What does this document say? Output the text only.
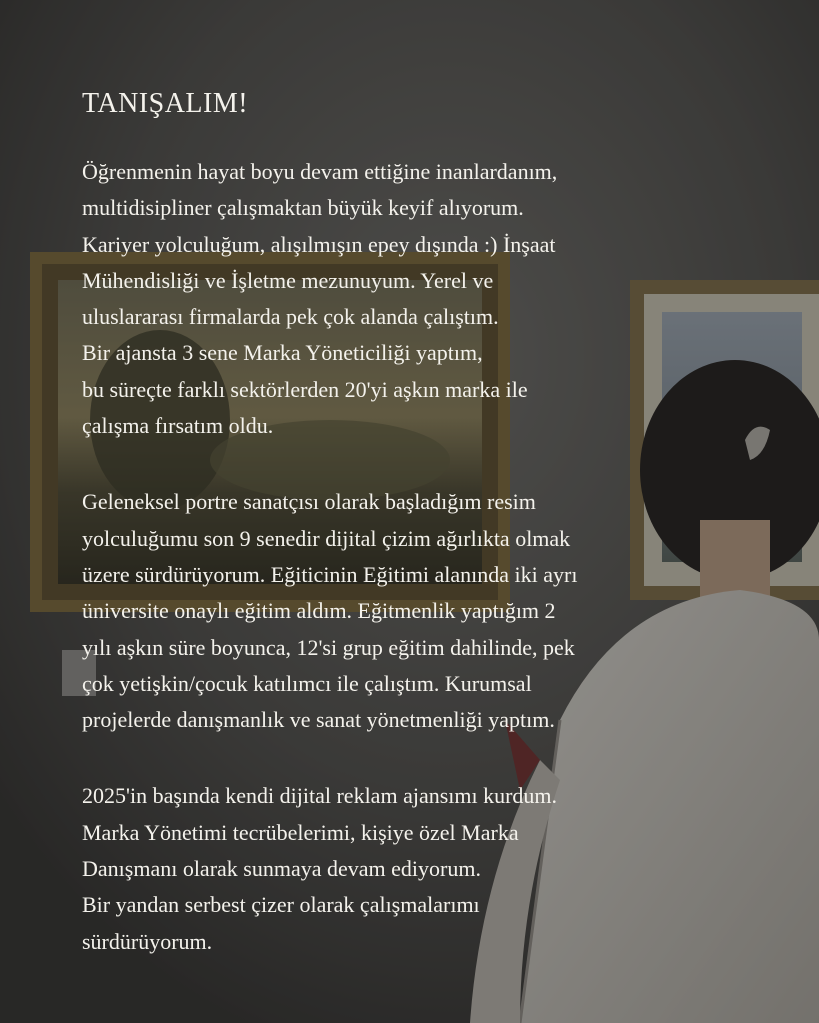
TANIŞALIM!
Öğrenmenin hayat boyu devam ettiğine inanlardanım,
multidisipliner çalışmaktan büyük keyif alıyorum.
Kariyer yolculuğum, alışılmışın epey dışında :) İnşaat
Mühendisliği ve İşletme mezunuyum. Yerel ve
uluslararası firmalarda pek çok alanda çalıştım.
Bir ajansta 3 sene Marka Yöneticiliği yaptım,
bu süreçte farklı sektörlerden 20'yi aşkın marka ile
çalışma fırsatım oldu.
Geleneksel portre sanatçısı olarak başladığım resim
yolculuğumu son 9 senedir dijital çizim ağırlıkta olmak
üzere sürdürüyorum. Eğiticinin Eğitimi alanında iki ayrı
üniversite onaylı eğitim aldım. Eğitmenlik yaptığım 2
yılı aşkın süre boyunca, 12'si grup eğitim dahilinde, pek
çok yetişkin/çocuk katılımcı ile çalıştım. Kurumsal
projelerde danışmanlık ve sanat yönetmenliği yaptım.
2025'in başında kendi dijital reklam ajansımı kurdum.
Marka Yönetimi tecrübelerimi, kişiye özel Marka
Danışmanı olarak sunmaya devam ediyorum.
Bir yandan serbest çizer olarak çalışmalarımı
sürdürüyorum.
